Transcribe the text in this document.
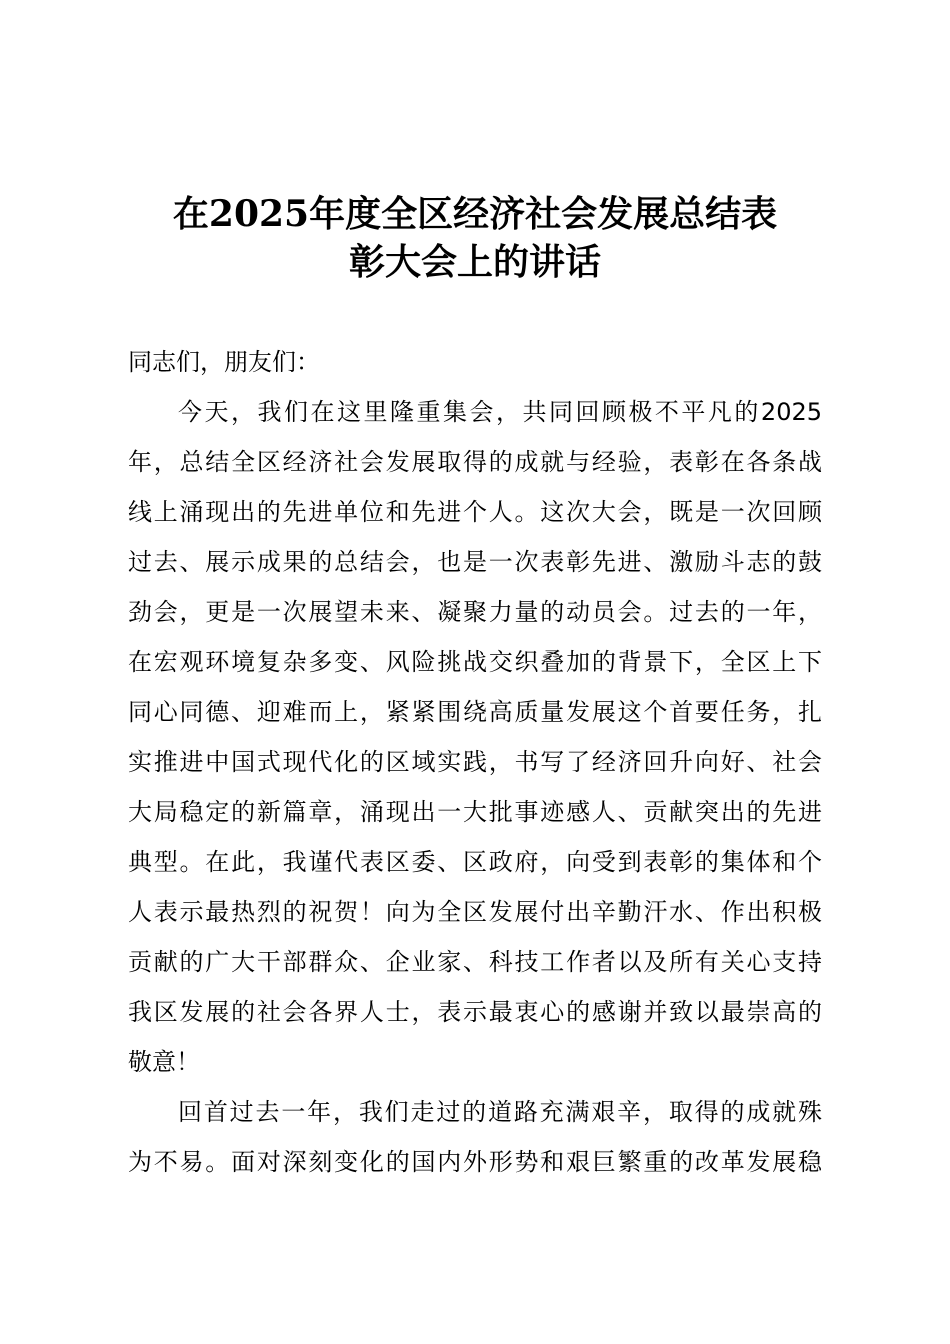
在2025年度全区经济社会发展总结表
彰大会上的讲话
同志们，朋友们：
今天，我们在这里隆重集会，共同回顾极不平凡的2025
年，总结全区经济社会发展取得的成就与经验，表彰在各条战
线上涌现出的先进单位和先进个人。这次大会，既是一次回顾
过去、展示成果的总结会，也是一次表彰先进、激励斗志的鼓
劲会，更是一次展望未来、凝聚力量的动员会。过去的一年，
在宏观环境复杂多变、风险挑战交织叠加的背景下，全区上下
同心同德、迎难而上，紧紧围绕高质量发展这个首要任务，扎
实推进中国式现代化的区域实践，书写了经济回升向好、社会
大局稳定的新篇章，涌现出一大批事迹感人、贡献突出的先进
典型。在此，我谨代表区委、区政府，向受到表彰的集体和个
人表示最热烈的祝贺！向为全区发展付出辛勤汗水、作出积极
贡献的广大干部群众、企业家、科技工作者以及所有关心支持
我区发展的社会各界人士，表示最衷心的感谢并致以最崇高的
敬意！
回首过去一年，我们走过的道路充满艰辛，取得的成就殊
为不易。面对深刻变化的国内外形势和艰巨繁重的改革发展稳
